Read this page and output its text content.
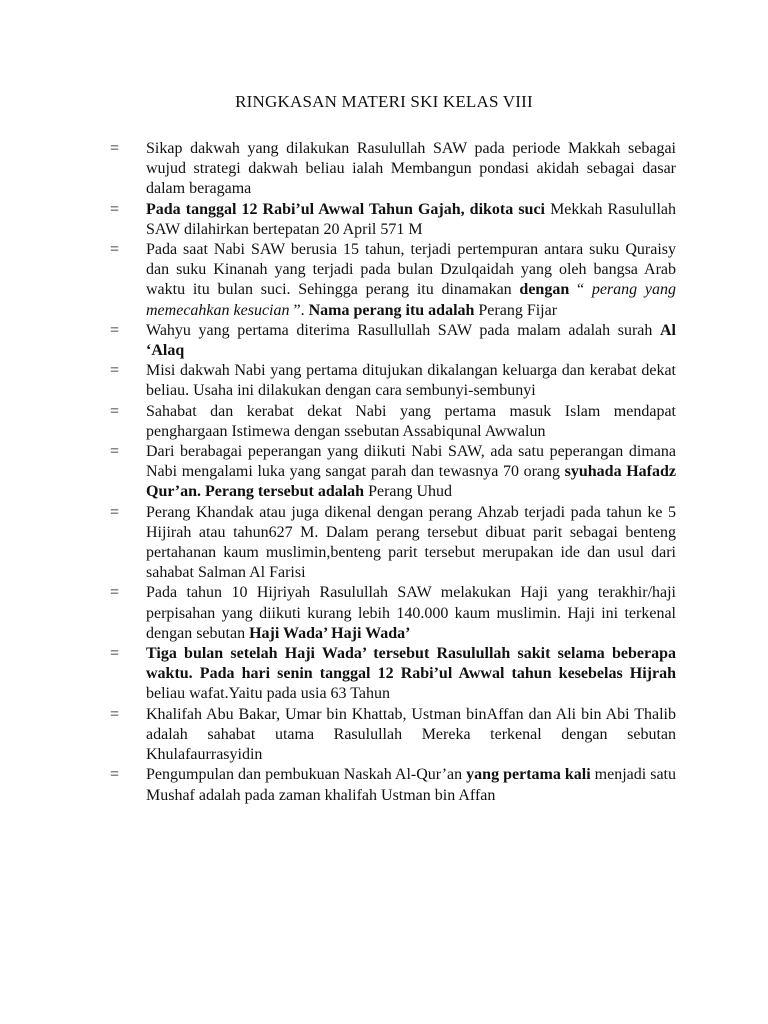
RINGKASAN MATERI SKI KELAS VIII
=	Sikap dakwah yang dilakukan Rasulullah SAW pada periode Makkah sebagai wujud strategi dakwah beliau ialah Membangun pondasi akidah sebagai dasar dalam beragama
=	Pada tanggal 12 Rabi’ul Awwal Tahun Gajah, dikota suci Mekkah Rasulullah SAW dilahirkan bertepatan 20 April 571 M
=	Pada saat Nabi SAW berusia 15 tahun, terjadi pertempuran antara suku Quraisy dan suku Kinanah yang terjadi pada bulan Dzulqaidah yang oleh bangsa Arab waktu itu bulan suci. Sehingga perang itu dinamakan dengan “ perang yang memecahkan kesucian ”. Nama perang itu adalah Perang Fijar
=	Wahyu yang pertama diterima Rasullullah SAW pada malam adalah surah Al ‘Alaq
=	Misi dakwah Nabi yang pertama ditujukan dikalangan keluarga dan kerabat dekat beliau. Usaha ini dilakukan dengan cara sembunyi-sembunyi
=	Sahabat dan kerabat dekat Nabi yang pertama masuk Islam mendapat penghargaan Istimewa dengan ssebutan Assabiqunal Awwalun
=	Dari berabagai peperangan yang diikuti Nabi SAW, ada satu peperangan dimana Nabi mengalami luka yang sangat parah dan tewasnya 70 orang syuhada Hafadz Qur’an. Perang tersebut adalah Perang Uhud
=	Perang Khandak atau juga dikenal dengan perang Ahzab terjadi pada tahun ke 5 Hijirah atau tahun627 M. Dalam perang tersebut dibuat parit sebagai benteng pertahanan kaum muslimin,benteng parit tersebut merupakan ide dan usul dari sahabat Salman Al Farisi
=	Pada tahun 10 Hijriyah Rasulullah SAW melakukan Haji yang terakhir/haji perpisahan yang diikuti kurang lebih 140.000 kaum muslimin. Haji ini terkenal dengan sebutan Haji Wada’ Haji Wada’
=	Tiga bulan setelah Haji Wada’ tersebut Rasulullah sakit selama beberapa waktu. Pada hari senin tanggal 12 Rabi’ul Awwal tahun kesebelas Hijrah beliau wafat.Yaitu pada usia 63 Tahun
=	Khalifah Abu Bakar, Umar bin Khattab, Ustman binAffan dan Ali bin Abi Thalib adalah sahabat utama Rasulullah Mereka terkenal dengan sebutan Khulafaurrasyidin
=	Pengumpulan dan pembukuan Naskah Al-Qur’an yang pertama kali menjadi satu Mushaf adalah pada zaman khalifah Ustman bin Affan
